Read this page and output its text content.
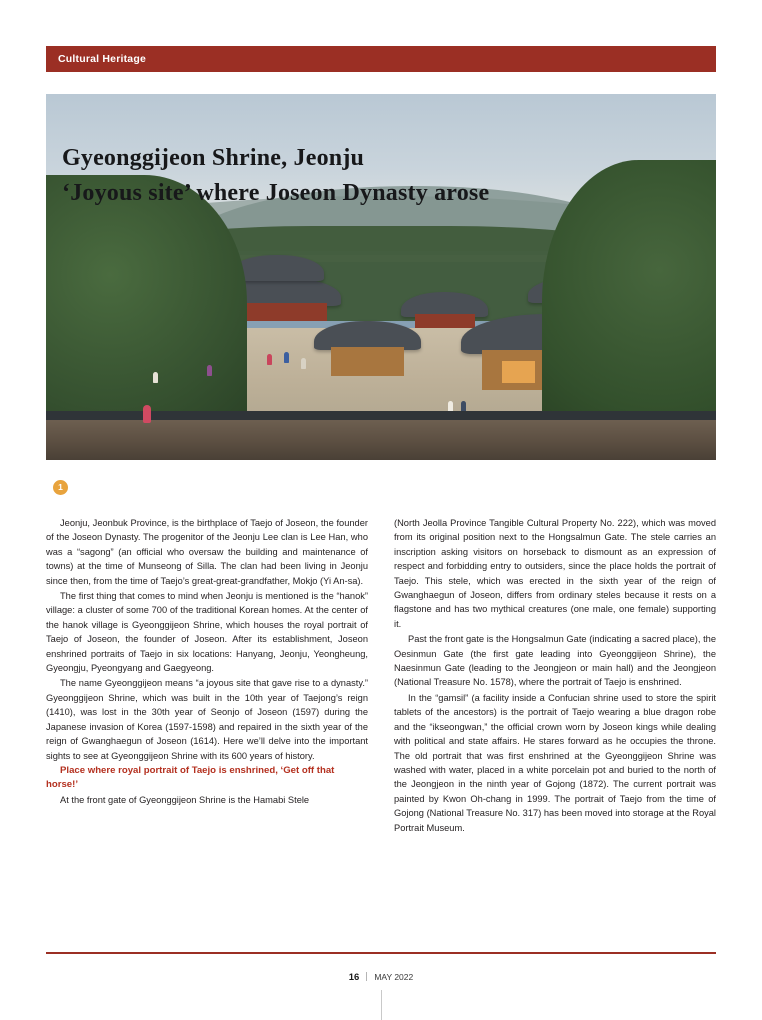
Cultural Heritage
1
Gyeonggijeon Shrine, Jeonju
‘Joyous site’ where Joseon Dynasty arose

Jeonju, Jeonbuk Province, is the birthplace of Taejo of Joseon, the founder of the Joseon Dynasty. The progenitor of the Jeonju Lee clan is Lee Han, who was a “sagong” (an official who oversaw the building and maintenance of towns) at the time of Munseong of Silla. The clan had been living in Jeonju since then, from the time of Taejo’s great-great-grandfather, Mokjo (Yi An-sa).

The first thing that comes to mind when Jeonju is mentioned is the “hanok” village: a cluster of some 700 of the traditional Korean homes. At the center of the hanok village is Gyeonggijeon Shrine, which houses the royal portrait of Taejo of Joseon, the founder of Joseon. After its establishment, Joseon enshrined portraits of Taejo in six locations: Hanyang, Jeonju, Yeongheung, Gyeongju, Pyeongyang and Gaegyeong.

The name Gyeonggijeon means “a joyous site that gave rise to a dynasty.” Gyeonggijeon Shrine, which was built in the 10th year of Taejong’s reign (1410), was lost in the 30th year of Seonjo of Joseon (1597) during the Japanese invasion of Korea (1597-1598) and repaired in the sixth year of the reign of Gwanghaegun of Joseon (1614). Here we’ll delve into the important sights to see at Gyeonggijeon Shrine with its 600 years of history.

Place where royal portrait of Taejo is enshrined, ‘Get off that horse!’

At the front gate of Gyeonggijeon Shrine is the Hamabi Stele

(North Jeolla Province Tangible Cultural Property No. 222), which was moved from its original position next to the Hongsalmun Gate. The stele carries an inscription asking visitors on horseback to dismount as an expression of respect and forbidding entry to outsiders, since the place holds the portrait of Taejo. This stele, which was erected in the sixth year of the reign of Gwanghaegun of Joseon, differs from ordinary steles because it rests on a flagstone and has two mythical creatures (one male, one female) supporting it.

Past the front gate is the Hongsalmun Gate (indicating a sacred place), the Oesinmun Gate (the first gate leading into Gyeonggijeon Shrine), the Naesinmun Gate (leading to the Jeongjeon or main hall) and the Jeongjeon (National Treasure No. 1578), where the portrait of Taejo is enshrined.

In the “gamsil” (a facility inside a Confucian shrine used to store the spirit tablets of the ancestors) is the portrait of Taejo wearing a blue dragon robe and the “ikseongwan,” the official crown worn by Joseon kings while dealing with political and state affairs. He stares forward as he occupies the throne. The old portrait that was first enshrined at the Gyeonggijeon Shrine was washed with water, placed in a white porcelain pot and buried to the north of the Jeongjeon in the ninth year of Gojong (1872). The current portrait was painted by Kwon Oh-chang in 1999. The portrait of Taejo from the time of Gojong (National Treasure No. 317) has been moved into storage at the Royal Portrait Museum.

16 MAY 2022
